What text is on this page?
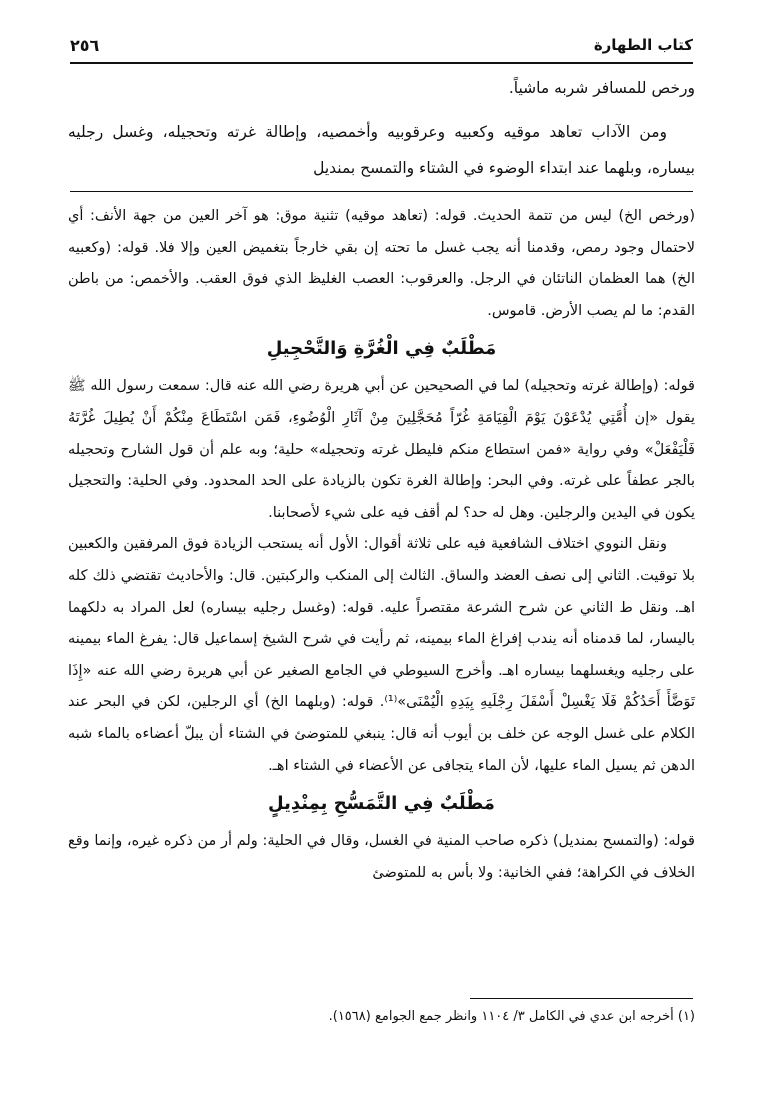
كتاب الطهارة
٢٥٦

ورخص للمسافر شربه ماشياً.

ومن الآداب تعاهد موقيه وكعبيه وعرقوبيه وأخمصيه، وإطالة غرته وتحجيله، وغسل رجليه بيساره، وبلهما عند ابتداء الوضوء في الشتاء والتمسح بمنديل

(ورخص الخ) ليس من تتمة الحديث. قوله: (تعاهد موقيه) تثنية موق: هو آخر العين من جهة الأنف: أي لاحتمال وجود رمص، وقدمنا أنه يجب غسل ما تحته إن بقي خارجاً بتغميض العين وإلا فلا. قوله: (وكعبيه الخ) هما العظمان الناتئان في الرجل. والعرقوب: العصب الغليظ الذي فوق العقب. والأخمص: من باطن القدم: ما لم يصب الأرض. قاموس.

مَطْلَبٌ فِي الْغُرَّةِ وَالتَّحْجِيلِ

قوله: (وإطالة غرته وتحجيله) لما في الصحيحين عن أبي هريرة رضي الله عنه قال: سمعت رسول الله ﷺ يقول «إن أُمَّتِي يُدْعَوْنَ يَوْمَ الْقِيَامَةِ غُرّاً مُحَجَّلِينَ مِنْ آثَارِ الْوُضُوءِ، فَمَن اسْتَطَاعَ مِنْكُمْ أَنْ يُطِيلَ غُرَّتَهُ فَلْيَفْعَلْ» وفي رواية «فمن استطاع منكم فليطل غرته وتحجيله» حلية؛ وبه علم أن قول الشارح وتحجيله بالجر عطفاً على غرته. وفي البحر: وإطالة الغرة تكون بالزيادة على الحد المحدود. وفي الحلية: والتحجيل يكون في اليدين والرجلين. وهل له حد؟ لم أقف فيه على شيء لأصحابنا.

ونقل النووي اختلاف الشافعية فيه على ثلاثة أقوال: الأول أنه يستحب الزيادة فوق المرفقين والكعبين بلا توقيت. الثاني إلى نصف العضد والساق. الثالث إلى المنكب والركبتين. قال: والأحاديث تقتضي ذلك كله اهـ. ونقل ط الثاني عن شرح الشرعة مقتصراً عليه. قوله: (وغسل رجليه بيساره) لعل المراد به دلكهما باليسار، لما قدمناه أنه يندب إفراغ الماء بيمينه، ثم رأيت في شرح الشيخ إسماعيل قال: يفرغ الماء بيمينه على رجليه ويغسلهما بيساره اهـ. وأخرج السيوطي في الجامع الصغير عن أبي هريرة رضي الله عنه «إِذَا تَوَضَّأَ أَحَدُكُمْ فَلَا يَغْسِلْ أَسْفَلَ رِجْلَيهِ بِيَدِهِ الْيُمْنَى»⁽¹⁾. قوله: (وبلهما الخ) أي الرجلين، لكن في البحر عند الكلام على غسل الوجه عن خلف بن أيوب أنه قال: ينبغي للمتوضئ في الشتاء أن يبلّ أعضاءه بالماء شبه الدهن ثم يسيل الماء عليها، لأن الماء يتجافى عن الأعضاء في الشتاء اهـ.

مَطْلَبٌ فِي التَّمَسُّحِ بِمِنْدِيلٍ

قوله: (والتمسح بمنديل) ذكره صاحب المنية في الغسل، وقال في الحلية: ولم أر من ذكره غيره، وإنما وقع الخلاف في الكراهة؛ ففي الخانية: ولا بأس به للمتوضئ

(١) أخرجه ابن عدي في الكامل ٣/ ١١٠٤ وانظر جمع الجوامع (١٥٦٨).
